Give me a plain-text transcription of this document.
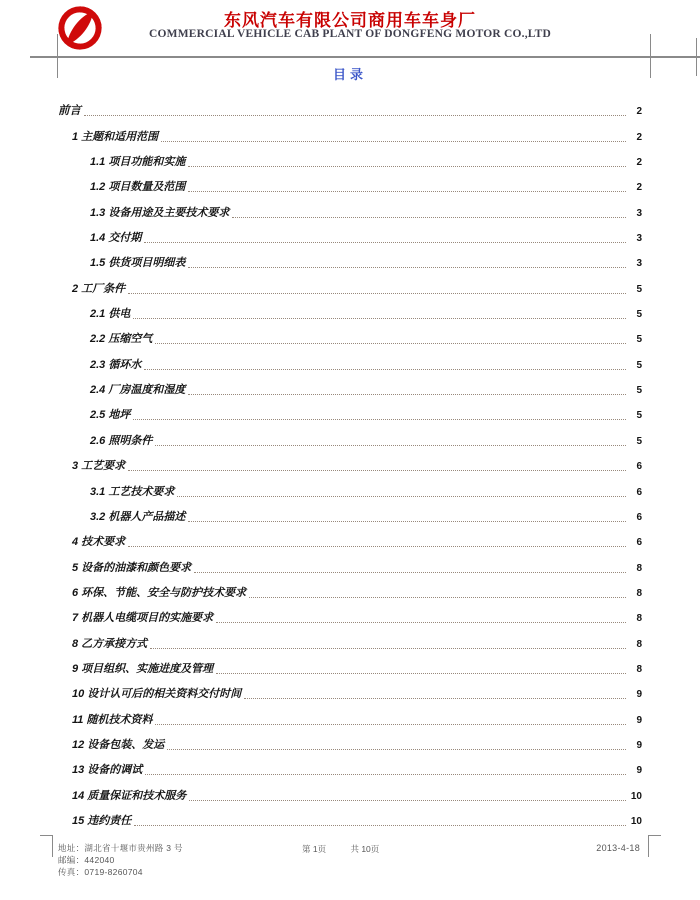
东风汽车有限公司商用车车身厂
COMMERCIAL VEHICLE CAB PLANT OF DONGFENG MOTOR CO.,LTD
目录
前言	2
1 主题和适用范围	2
1.1 项目功能和实施	2
1.2 项目数量及范围	2
1.3 设备用途及主要技术要求	3
1.4 交付期	3
1.5 供货项目明细表	3
2 工厂条件	5
2.1 供电	5
2.2 压缩空气	5
2.3 循环水	5
2.4 厂房温度和湿度	5
2.5 地坪	5
2.6 照明条件	5
3 工艺要求	6
3.1 工艺技术要求	6
3.2 机器人产品描述	6
4 技术要求	6
5 设备的油漆和颜色要求	8
6 环保、节能、安全与防护技术要求	8
7 机器人电缆项目的实施要求	8
8 乙方承接方式	8
9 项目组织、实施进度及管理	8
10 设计认可后的相关资料交付时间	9
11 随机技术资料	9
12 设备包装、发运	9
13 设备的调试	9
14 质量保证和技术服务	10
15 违约责任	10
地址：湖北省十堰市贵州路 3 号
邮编：442040
传真：0719-8260704
第 1页	共 10页	2013-4-18
